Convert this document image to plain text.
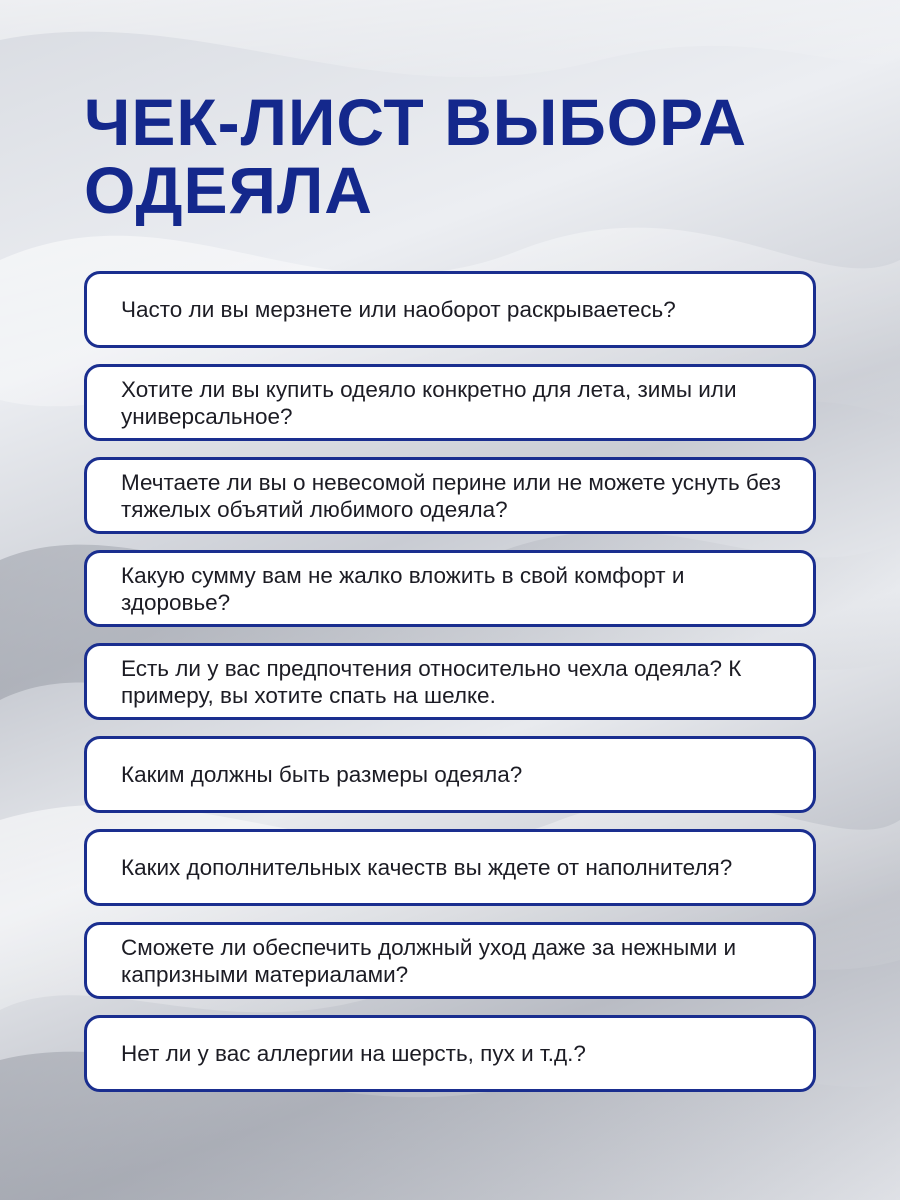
ЧЕК-ЛИСТ ВЫБОРА ОДЕЯЛА
Часто ли вы мерзнете или наоборот раскрываетесь?
Хотите ли вы купить одеяло конкретно для лета, зимы или универсальное?
Мечтаете ли вы о невесомой перине или не можете уснуть без тяжелых объятий любимого одеяла?
Какую сумму вам не жалко вложить в свой комфорт и здоровье?
Есть ли у вас предпочтения относительно чехла одеяла? К примеру, вы хотите спать на шелке.
Каким должны быть размеры одеяла?
Каких дополнительных качеств вы ждете от наполнителя?
Сможете ли обеспечить должный уход даже за нежными и капризными материалами?
Нет ли у вас аллергии на шерсть, пух и т.д.?
